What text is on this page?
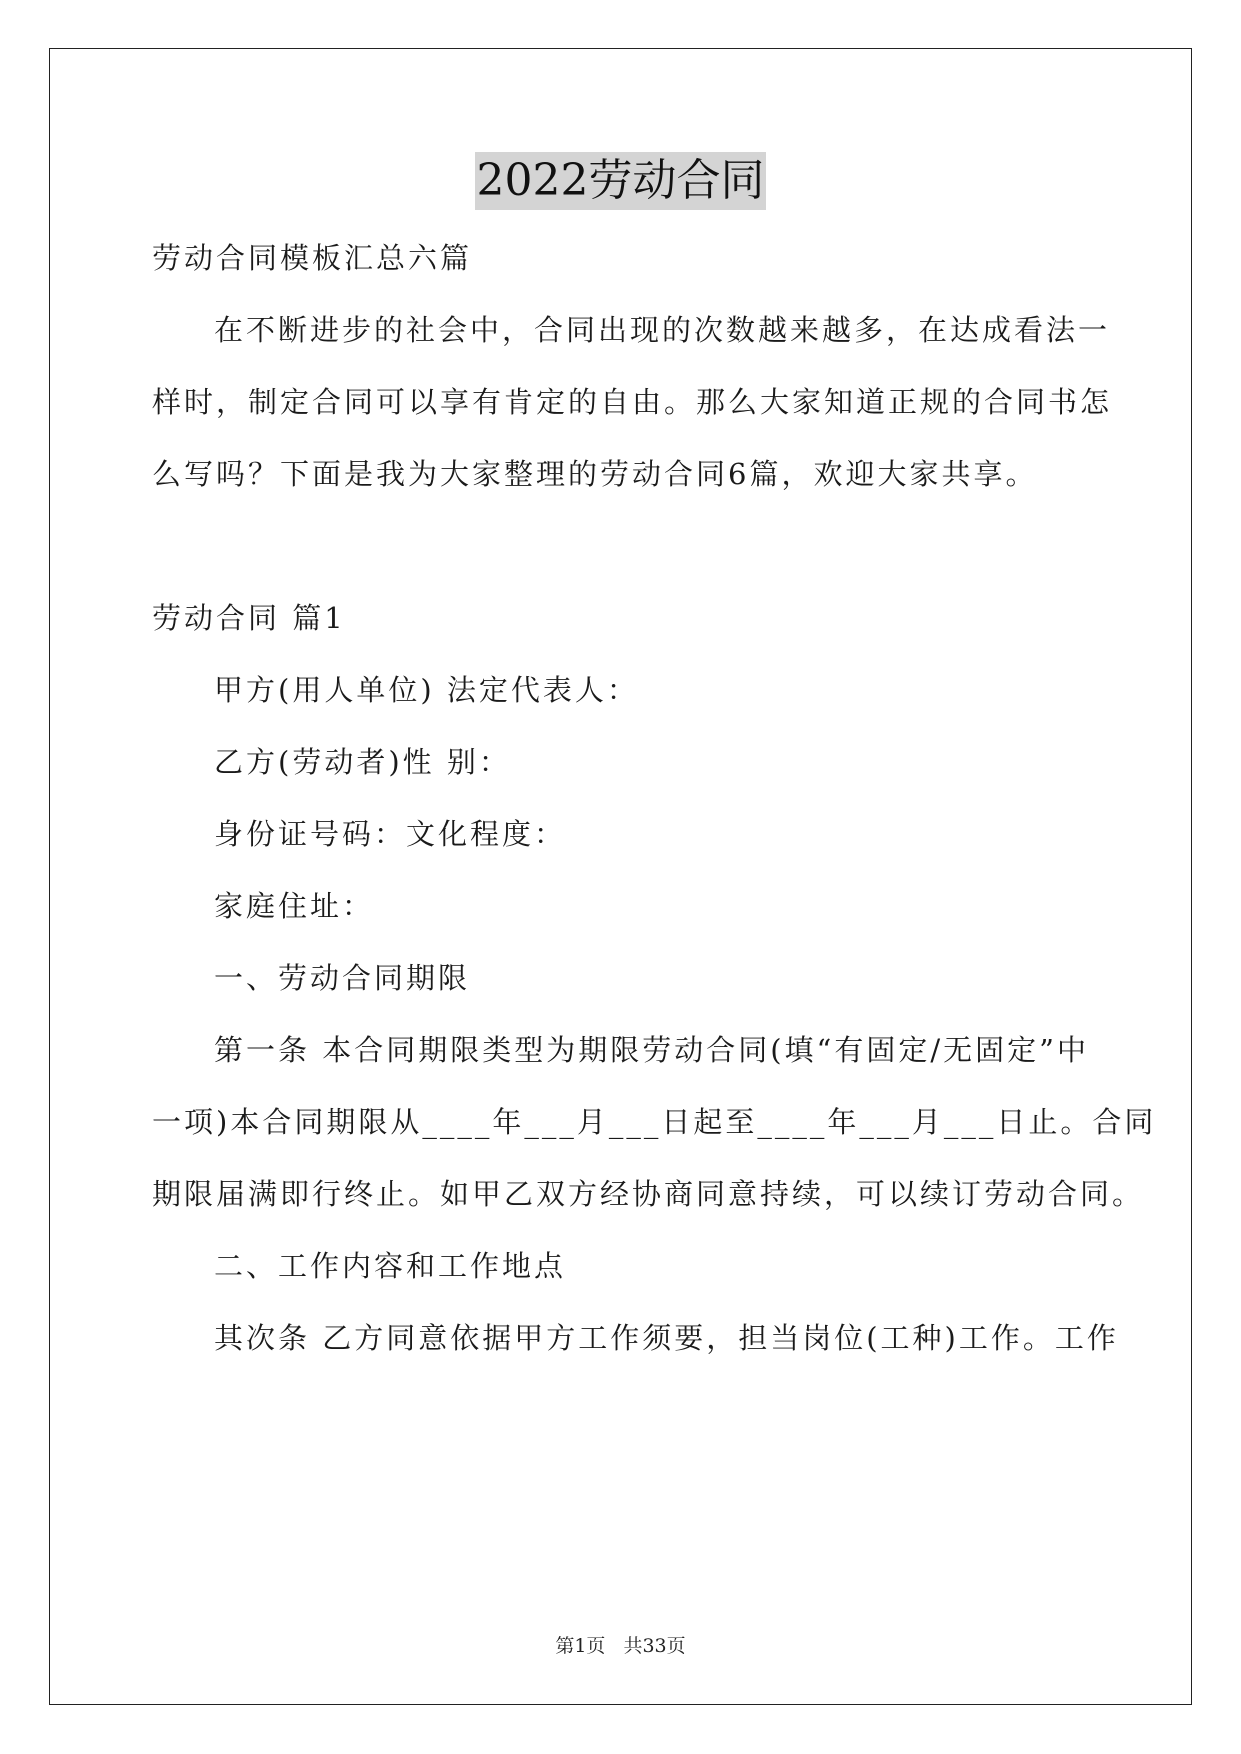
2022劳动合同
劳动合同模板汇总六篇
在不断进步的社会中，合同出现的次数越来越多，在达成看法一
样时，制定合同可以享有肯定的自由。那么大家知道正规的合同书怎
么写吗？下面是我为大家整理的劳动合同6篇，欢迎大家共享。
劳动合同 篇1
甲方(用人单位) 法定代表人：
乙方(劳动者)性 别：
身份证号码：文化程度：
家庭住址：
一、劳动合同期限
第一条 本合同期限类型为期限劳动合同(填“有固定/无固定”中
一项)本合同期限从____年___月___日起至____年___月___日止。合同
期限届满即行终止。如甲乙双方经协商同意持续，可以续订劳动合同。
二、工作内容和工作地点
其次条 乙方同意依据甲方工作须要，担当岗位(工种)工作。工作
第1页 共33页
